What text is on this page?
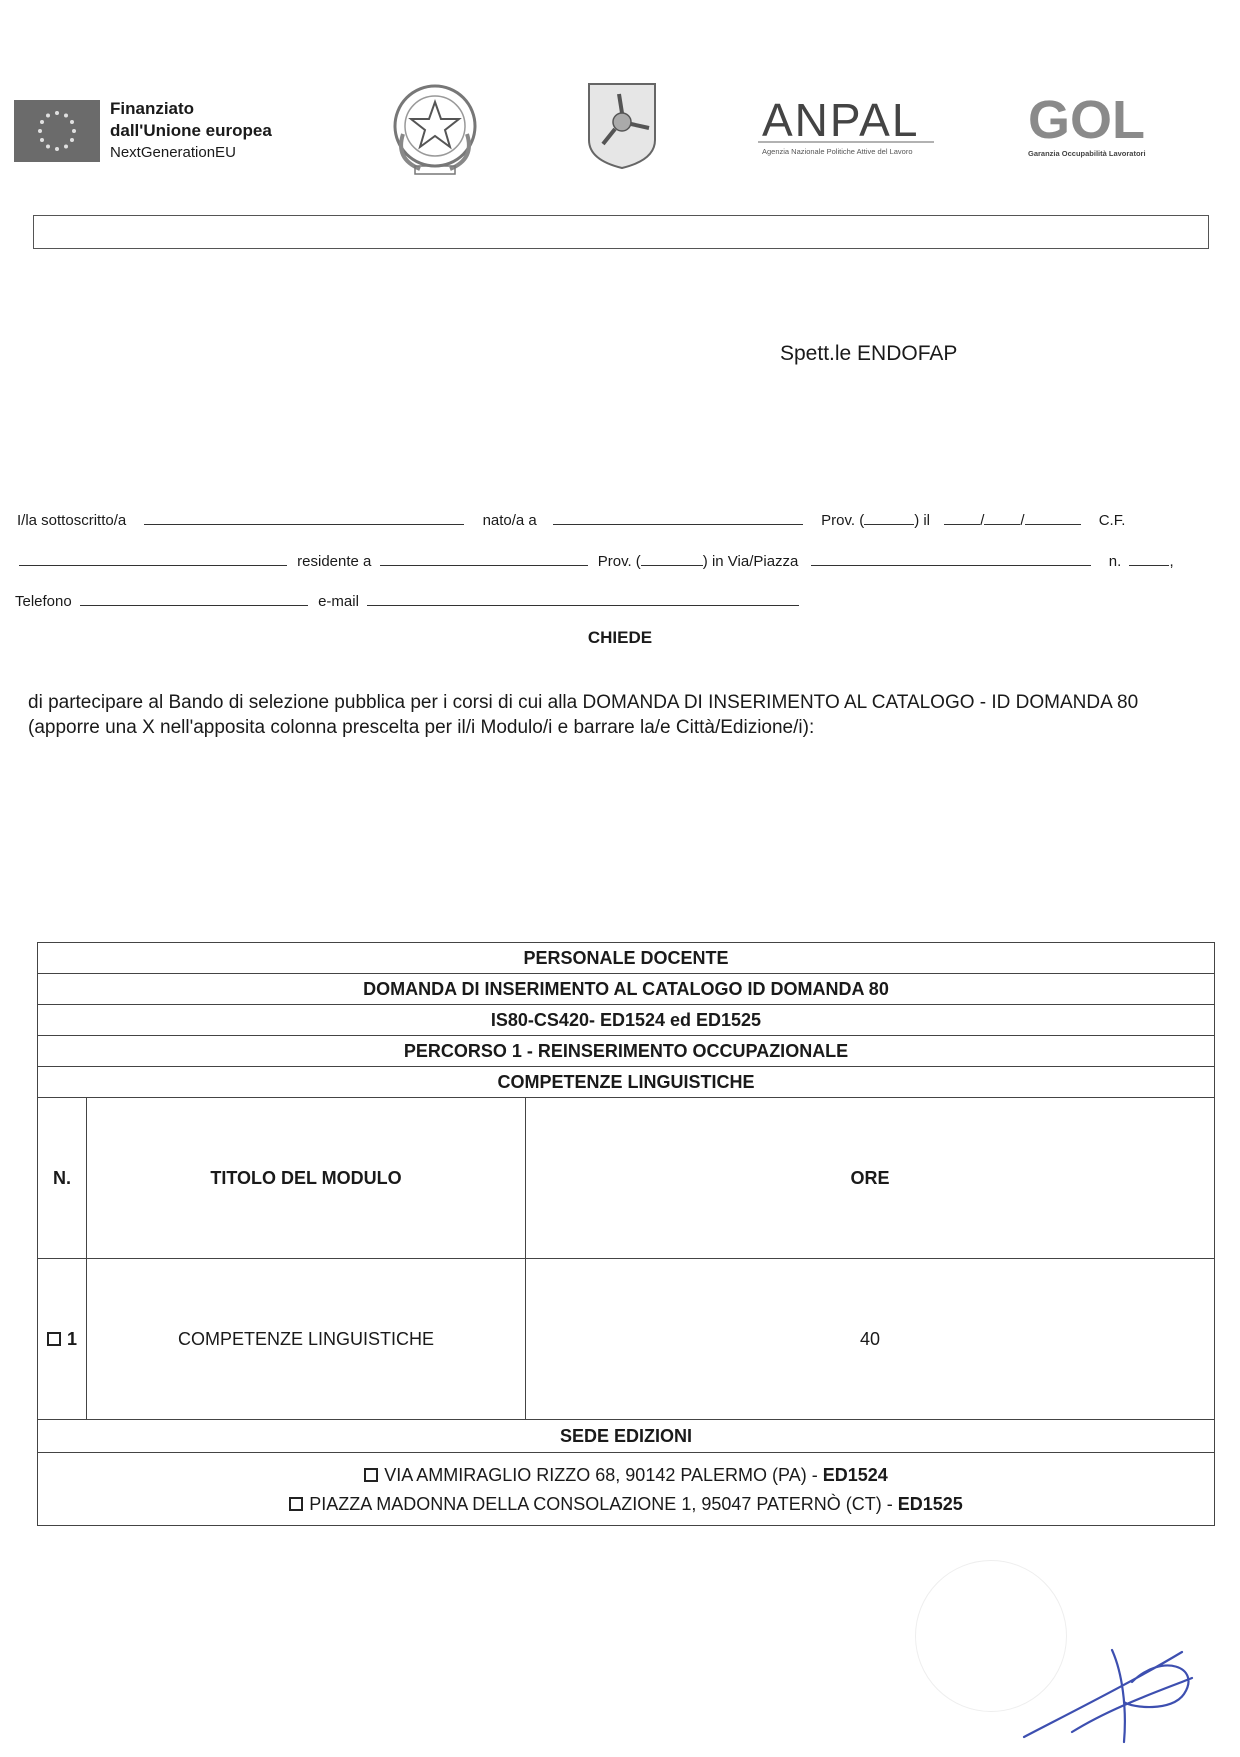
Finanziato
dall'Unione europea
NextGenerationEU
ANPAL
Agenzia Nazionale Politiche Attive del Lavoro
GOL
Garanzia Occupabilità Lavoratori
Spett.le ENDOFAP
I/la sottoscritto/a	nato/a a	Prov. (	) il	/ /	C.F.
residente a	Prov. (	) in Via/Piazza	n.	,
Telefono	e-mail
CHIEDE
di partecipare al Bando di selezione pubblica per i corsi di cui alla DOMANDA DI INSERIMENTO AL CATALOGO - ID DOMANDA 80 (apporre una X nell'apposita colonna prescelta per il/i Modulo/i e barrare la/e Città/Edizione/i):
PERSONALE DOCENTE
DOMANDA DI INSERIMENTO AL CATALOGO ID DOMANDA 80
IS80-CS420- ED1524 ed ED1525
PERCORSO 1 - REINSERIMENTO OCCUPAZIONALE
COMPETENZE LINGUISTICHE
N.	TITOLO DEL MODULO	ORE
1	COMPETENZE LINGUISTICHE	40
SEDE EDIZIONI
VIA AMMIRAGLIO RIZZO 68, 90142 PALERMO (PA) - ED1524
PIAZZA MADONNA DELLA CONSOLAZIONE 1, 95047 PATERNÒ (CT) - ED1525
